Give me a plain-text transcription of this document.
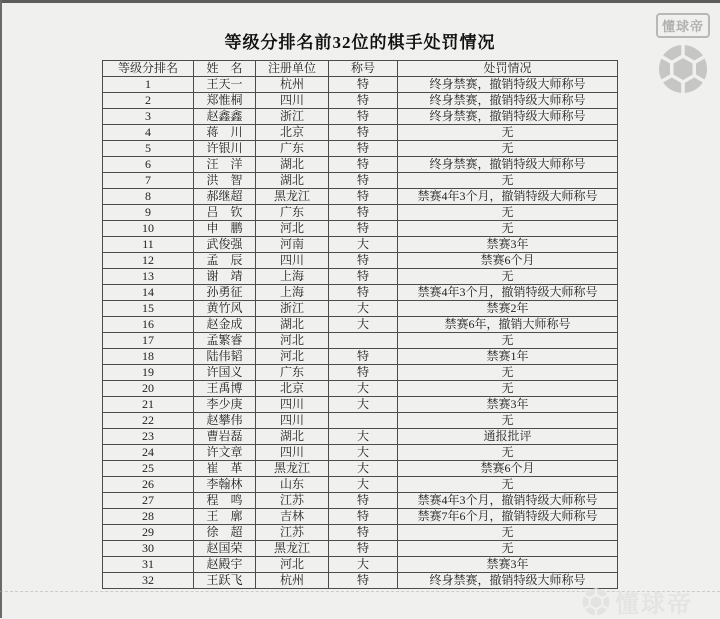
等级分排名前32位的棋手处罚情况
等级分排名	姓　名	注册单位	称号	处罚情况
1	王天一	杭州	特	终身禁赛，撤销特级大师称号
2	郑惟桐	四川	特	终身禁赛，撤销特级大师称号
3	赵鑫鑫	浙江	特	终身禁赛，撤销特级大师称号
4	蒋　川	北京	特	无
5	许银川	广东	特	无
6	汪　洋	湖北	特	终身禁赛，撤销特级大师称号
7	洪　智	湖北	特	无
8	郝继超	黑龙江	特	禁赛4年3个月，撤销特级大师称号
9	吕　钦	广东	特	无
10	申　鹏	河北	特	无
11	武俊强	河南	大	禁赛3年
12	孟　辰	四川	特	禁赛6个月
13	谢　靖	上海	特	无
14	孙勇征	上海	特	禁赛4年3个月，撤销特级大师称号
15	黄竹风	浙江	大	禁赛2年
16	赵金成	湖北	大	禁赛6年，撤销大师称号
17	孟繁睿	河北		无
18	陆伟韬	河北	特	禁赛1年
19	许国义	广东	特	无
20	王禹博	北京	大	无
21	李少庚	四川	大	禁赛3年
22	赵攀伟	四川		无
23	曹岩磊	湖北	大	通报批评
24	许文章	四川	大	无
25	崔　革	黑龙江	大	禁赛6个月
26	李翰林	山东	大	无
27	程　鸣	江苏	特	禁赛4年3个月，撤销特级大师称号
28	王　廓	吉林	特	禁赛7年6个月，撤销特级大师称号
29	徐　超	江苏	特	无
30	赵国荣	黑龙江	特	无
31	赵殿宇	河北	大	禁赛3年
32	王跃飞	杭州	特	终身禁赛，撤销特级大师称号
懂球帝
懂球帝
